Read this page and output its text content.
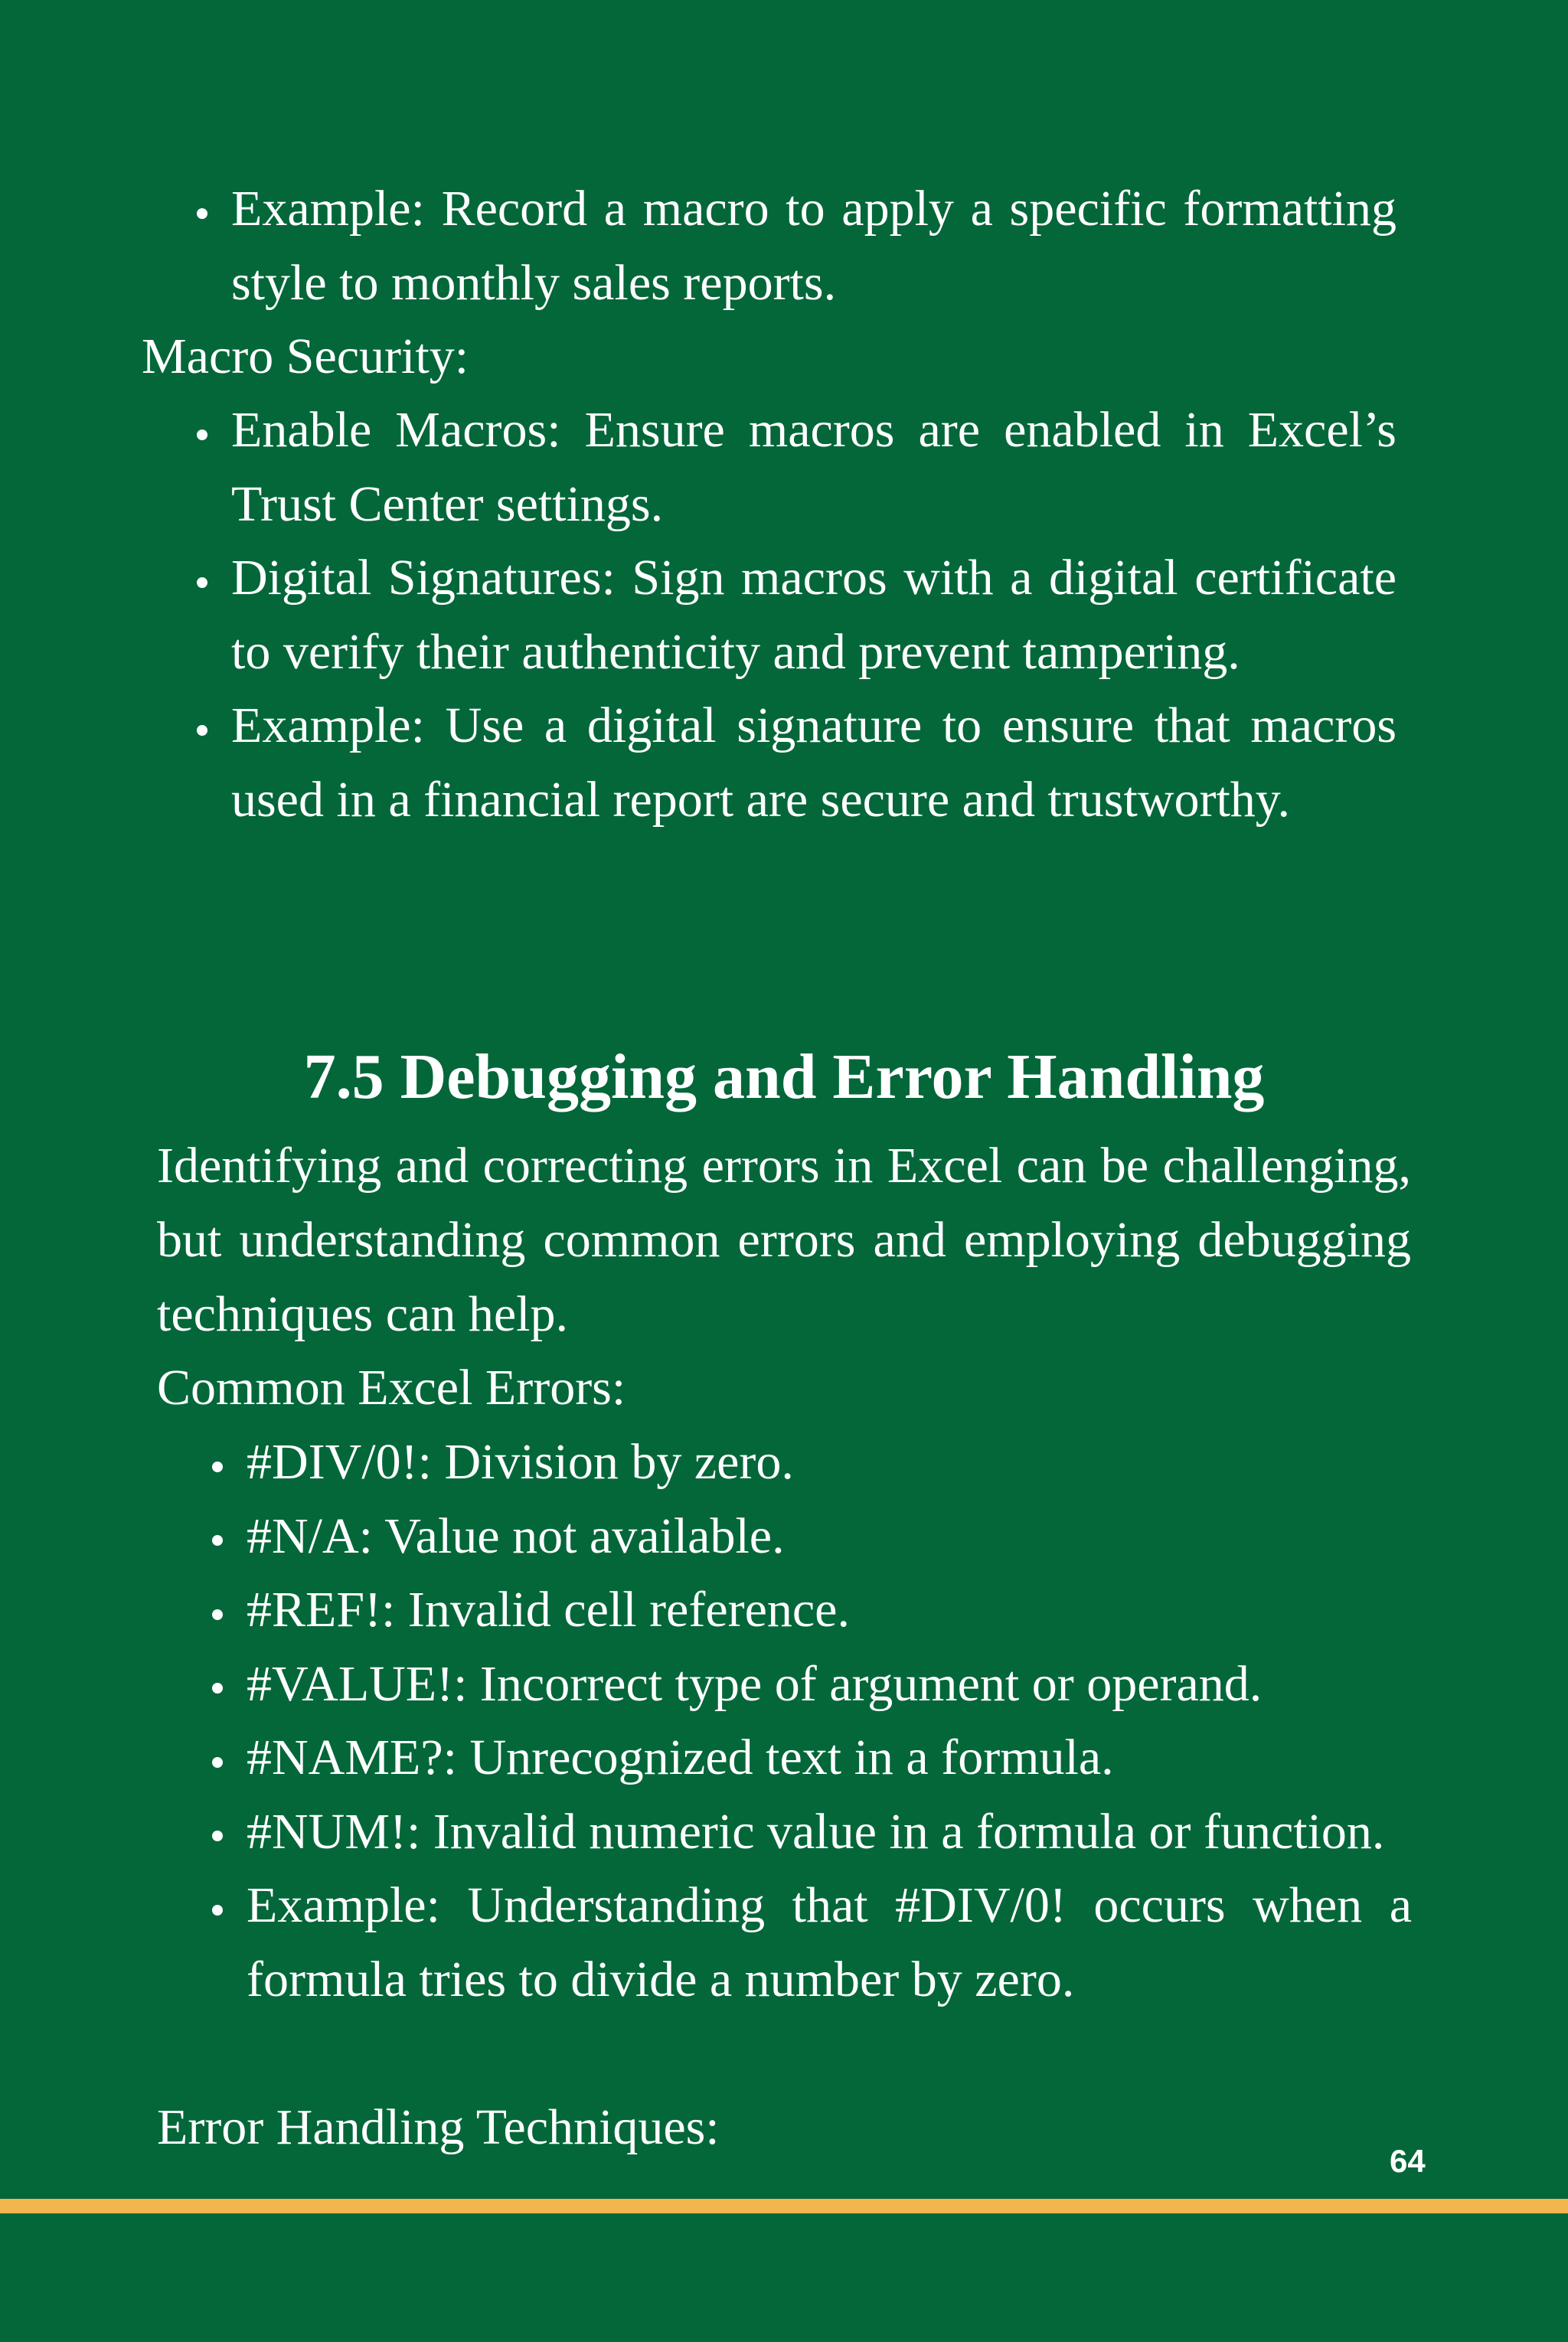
Example: Record a macro to apply a specific formatting style to monthly sales reports.
Macro Security:
Enable Macros: Ensure macros are enabled in Excel’s Trust Center settings.
Digital Signatures: Sign macros with a digital certificate to verify their authenticity and prevent tampering.
Example: Use a digital signature to ensure that macros used in a financial report are secure and trustworthy.
7.5 Debugging and Error Handling

Identifying and correcting errors in Excel can be challenging, but understanding common errors and employing debugging techniques can help.

Common Excel Errors:
#DIV/0!: Division by zero.
#N/A: Value not available.
#REF!: Invalid cell reference.
#VALUE!: Incorrect type of argument or operand.
#NAME?: Unrecognized text in a formula.
#NUM!: Invalid numeric value in a formula or function.
Example: Understanding that #DIV/0! occurs when a formula tries to divide a number by zero.
Error Handling Techniques:
64
